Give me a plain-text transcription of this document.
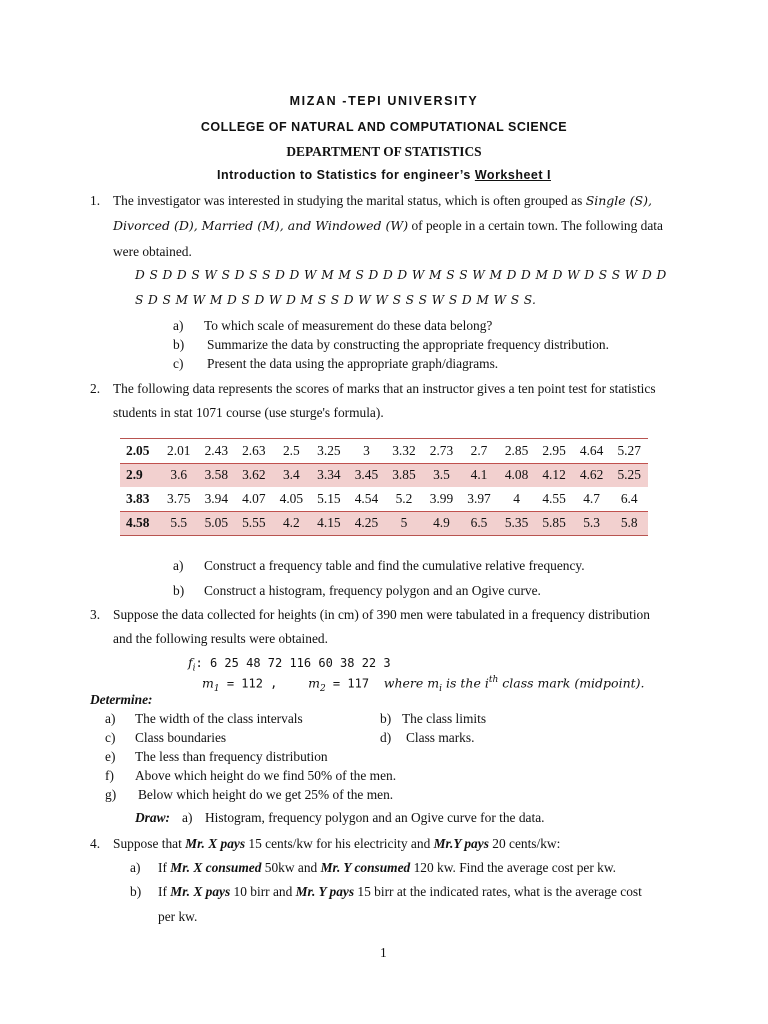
MIZAN -TEPI UNIVERSITY
COLLEGE OF NATURAL AND COMPUTATIONAL SCIENCE
DEPARTMENT OF STATISTICS
Introduction to Statistics for engineer’s Worksheet I
1. The investigator was interested in studying the marital status, which is often grouped as Single (S),
Divorced (D), Married (M), and Windowed (W) of people in a certain town. The following data
were obtained.
D S D D S W S D S S D D W M M S D D D W M S S W M D D M D W D S S W D D
S D S M W M D S D W D M S S D W W S S S W S D M W S S.
a) To which scale of measurement do these data belong?
b) Summarize the data by constructing the appropriate frequency distribution.
c) Present the data using the appropriate graph/diagrams.
2. The following data represents the scores of marks that an instructor gives a ten point test for statistics
students in stat 1071 course (use sturge's formula).
2.05	2.01	2.43	2.63	2.5	3.25	3	3.32	2.73	2.7	2.85	2.95	4.64	5.27
2.9	3.6	3.58	3.62	3.4	3.34	3.45	3.85	3.5	4.1	4.08	4.12	4.62	5.25
3.83	3.75	3.94	4.07	4.05	5.15	4.54	5.2	3.99	3.97	4	4.55	4.7	6.4
4.58	5.5	5.05	5.55	4.2	4.15	4.25	5	4.9	6.5	5.35	5.85	5.3	5.8
a) Construct a frequency table and find the cumulative relative frequency.
b) Construct a histogram, frequency polygon and an Ogive curve.
3. Suppose the data collected for heights (in cm) of 390 men were tabulated in a frequency distribution
and the following results were obtained.
$f_i$: 6 25 48 72 116 60 38 22 3
$m_1 = 112$ , $m_2 = 117$ where $m_i$ is the $i^{th}$ class mark (midpoint).
Determine:
a) The width of the class intervals	b) The class limits
c) Class boundaries	d) Class marks.
e) The less than frequency distribution
f) Above which height do we find 50% of the men.
g) Below which height do we get 25% of the men.
Draw: a) Histogram, frequency polygon and an Ogive curve for the data.
4. Suppose that Mr. X pays 15 cents/kw for his electricity and Mr.Y pays 20 cents/kw:
a) If Mr. X consumed 50kw and Mr. Y consumed 120 kw. Find the average cost per kw.
b) If Mr. X pays 10 birr and Mr. Y pays 15 birr at the indicated rates, what is the average cost
per kw.
1
